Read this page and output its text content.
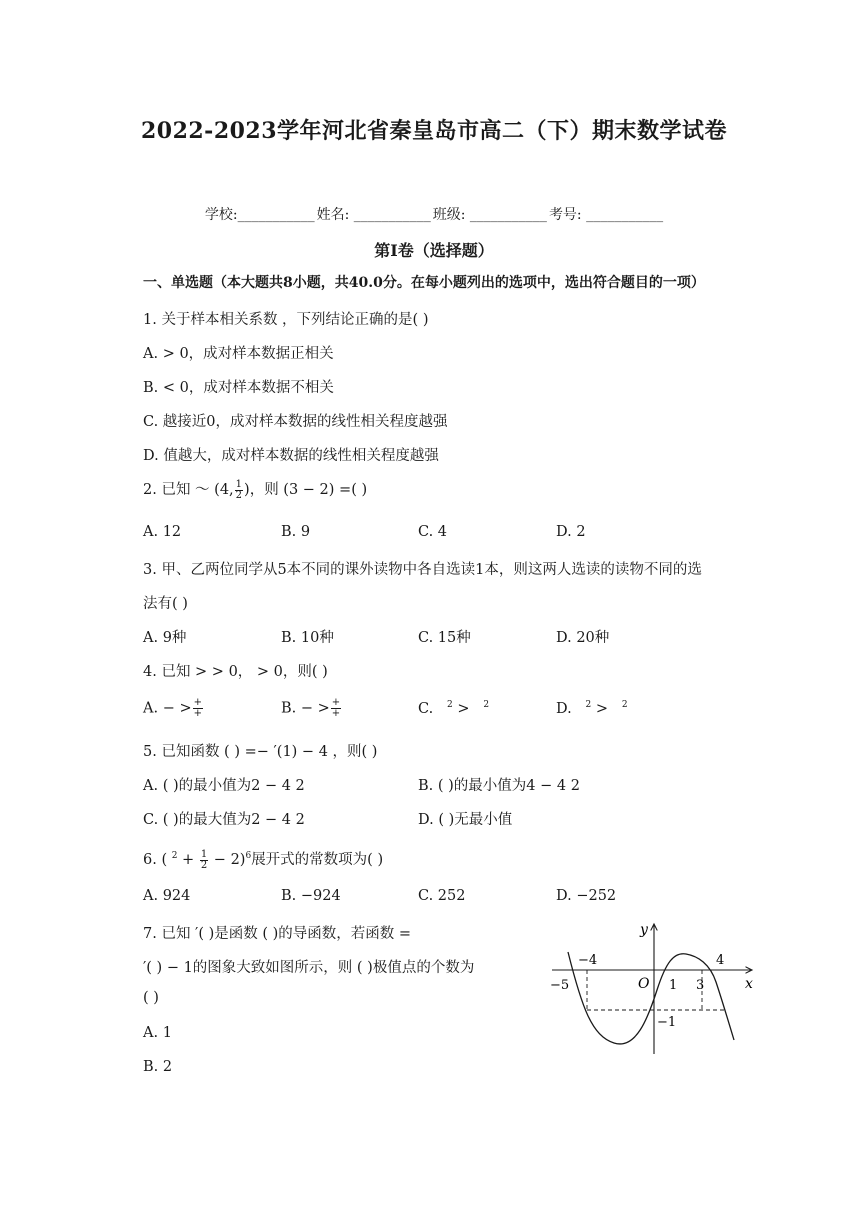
2022-2023学年河北省秦皇岛市高二（下）期末数学试卷
学校:___________ 姓名: ___________ 班级: ___________ 考号: ___________
第I卷（选择题）
一、单选题（本大题共8小题，共40.0分。在每小题列出的选项中，选出符合题目的一项）
1. 关于样本相关系数 ，下列结论正确的是( )
A. > 0，成对样本数据正相关
B. < 0，成对样本数据不相关
C. 越接近0，成对样本数据的线性相关程度越强
D. 值越大，成对样本数据的线性相关程度越强
2. 已知 ～ (4, $\frac{1}{2}$ )，则 (3 − 2) =( )
A. 12	B. 9	C. 4	D. 2
3. 甲、乙两位同学从5本不同的课外读物中各自选读1本，则这两人选读的读物不同的选
法有( )
A. 9种	B. 10种	C. 15种	D. 20种
4. 已知 > > 0， > 0，则( )
A. − > $\frac{+}{+}$	B. − > $\frac{+}{+}$	C. $^2$ >   $^2$	D. $^2$ >   $^2$
5. 已知函数 ( ) =− ′(1) − 4 ，则( )
A. ( )的最小值为2 − 4 2	B. ( )的最小值为4 − 4 2
C. ( )的最大值为2 − 4 2	D. ( )无最小值
6. ( $^2 + \frac{1}{2} - 2)^6$展开式的常数项为( )
A. 924	B. −924	C. 252	D. −252
7. 已知 ′( )是函数 ( )的导函数，若函数 =
′( ) − 1的图象大致如图所示，则 ( )极值点的个数为
( )
A. 1
B. 2
y
x
O
−5
−4
1 3
4
−1
